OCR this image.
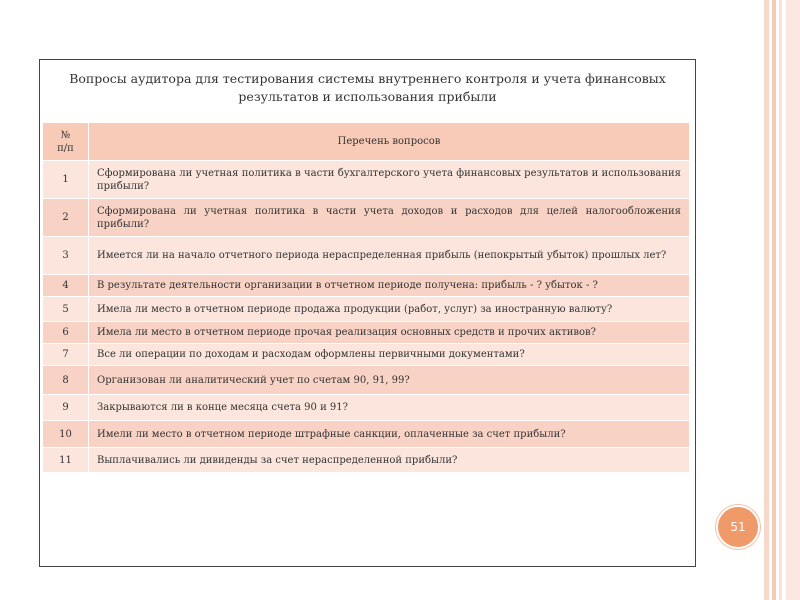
Вопросы аудитора для тестирования системы внутреннего контроля и учета финансовых
результатов и использования прибыли
№
п/п	Перечень вопросов
1	Сформирована ли учетная политика в части бухгалтерского учета финансовых результатов и использования прибыли?
2	Сформирована ли учетная политика в части учета доходов и расходов для целей налогообложения прибыли?
3	Имеется ли на начало отчетного периода нераспределенная прибыль (непокрытый убыток) прошлых лет?
4	В результате деятельности организации в отчетном периоде получена: прибыль - ? убыток - ?
5	Имела ли место в отчетном периоде продажа продукции (работ, услуг) за иностранную валюту?
6	Имела ли место в отчетном периоде прочая реализация основных средств и прочих активов?
7	Все ли операции по доходам и расходам оформлены первичными документами?
8	Организован ли аналитический учет по счетам 90, 91, 99?
9	Закрываются ли в конце месяца счета 90 и 91?
10	Имели ли место в отчетном периоде штрафные санкции, оплаченные за счет прибыли?
11	Выплачивались ли дивиденды за счет нераспределенной прибыли?
51
